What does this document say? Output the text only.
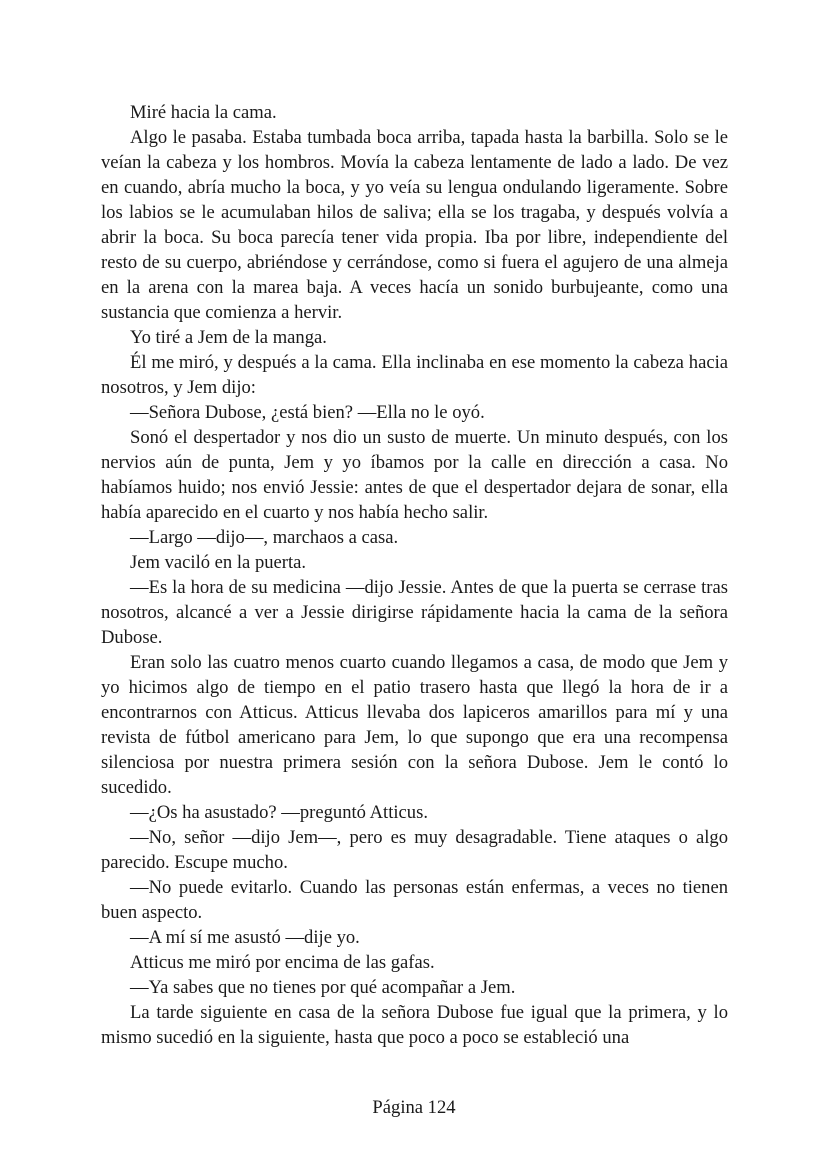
Miré hacia la cama.

Algo le pasaba. Estaba tumbada boca arriba, tapada hasta la barbilla. Solo se le veían la cabeza y los hombros. Movía la cabeza lentamente de lado a lado. De vez en cuando, abría mucho la boca, y yo veía su lengua ondulando ligeramente. Sobre los labios se le acumulaban hilos de saliva; ella se los tragaba, y después volvía a abrir la boca. Su boca parecía tener vida propia. Iba por libre, independiente del resto de su cuerpo, abriéndose y cerrándose, como si fuera el agujero de una almeja en la arena con la marea baja. A veces hacía un sonido burbujeante, como una sustancia que comienza a hervir.

Yo tiré a Jem de la manga.

Él me miró, y después a la cama. Ella inclinaba en ese momento la cabeza hacia nosotros, y Jem dijo:

—Señora Dubose, ¿está bien? —Ella no le oyó.

Sonó el despertador y nos dio un susto de muerte. Un minuto después, con los nervios aún de punta, Jem y yo íbamos por la calle en dirección a casa. No habíamos huido; nos envió Jessie: antes de que el despertador dejara de sonar, ella había aparecido en el cuarto y nos había hecho salir.

—Largo —dijo—, marchaos a casa.

Jem vaciló en la puerta.

—Es la hora de su medicina —dijo Jessie. Antes de que la puerta se cerrase tras nosotros, alcancé a ver a Jessie dirigirse rápidamente hacia la cama de la señora Dubose.

Eran solo las cuatro menos cuarto cuando llegamos a casa, de modo que Jem y yo hicimos algo de tiempo en el patio trasero hasta que llegó la hora de ir a encontrarnos con Atticus. Atticus llevaba dos lapiceros amarillos para mí y una revista de fútbol americano para Jem, lo que supongo que era una recompensa silenciosa por nuestra primera sesión con la señora Dubose. Jem le contó lo sucedido.

—¿Os ha asustado? —preguntó Atticus.

—No, señor —dijo Jem—, pero es muy desagradable. Tiene ataques o algo parecido. Escupe mucho.

—No puede evitarlo. Cuando las personas están enfermas, a veces no tienen buen aspecto.

—A mí sí me asustó —dije yo.

Atticus me miró por encima de las gafas.

—Ya sabes que no tienes por qué acompañar a Jem.

La tarde siguiente en casa de la señora Dubose fue igual que la primera, y lo mismo sucedió en la siguiente, hasta que poco a poco se estableció una

Página 124
